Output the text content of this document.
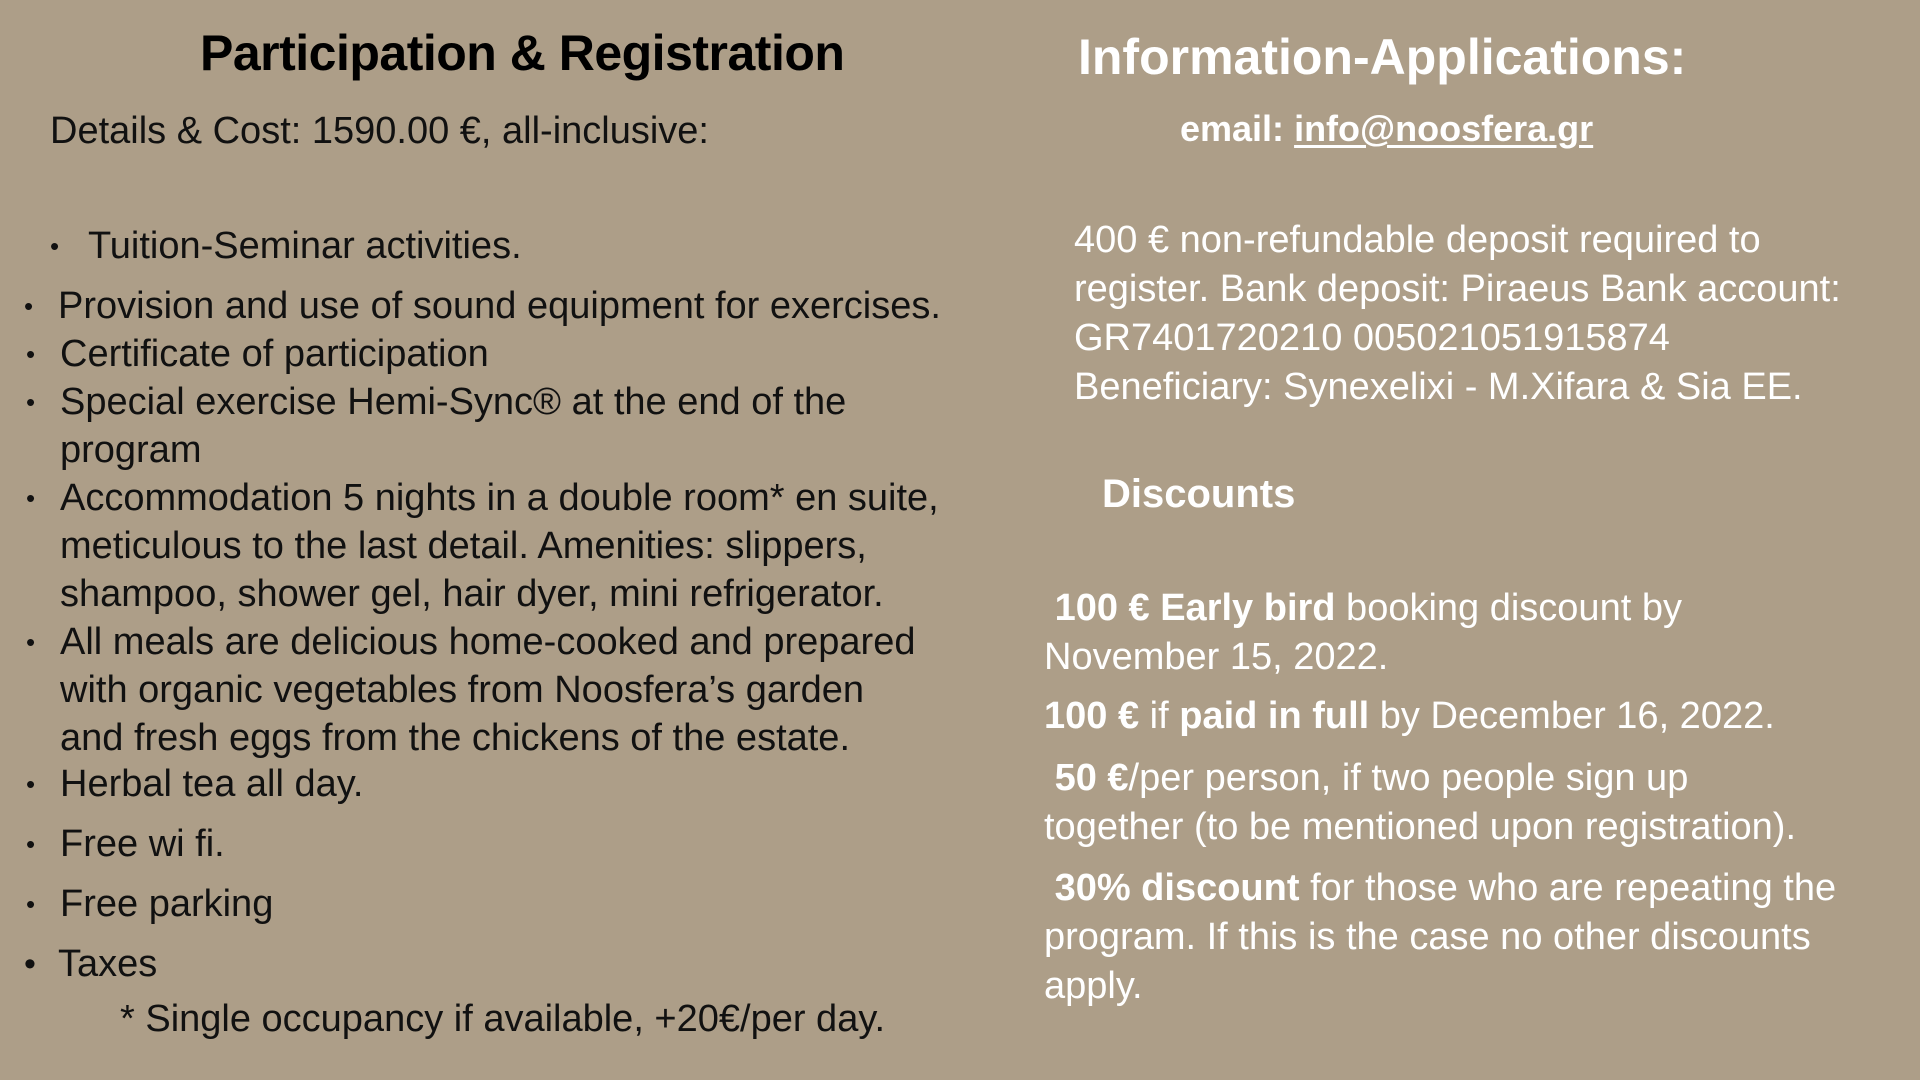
Participation & Registration
Details & Cost: 1590.00 €, all-inclusive:
• Tuition-Seminar activities.
• Provision and use of sound equipment for exercises.
• Certificate of participation
• Special exercise Hemi-Sync® at the end of the
program
• Accommodation 5 nights in a double room* en suite,
meticulous to the last detail. Amenities: slippers,
shampoo, shower gel, hair dyer, mini refrigerator.
• All meals are delicious home-cooked and prepared
with organic vegetables from Noosfera’s garden
and fresh eggs from the chickens of the estate.
• Herbal tea all day.
• Free wi fi.
• Free parking
• Taxes
* Single occupancy if available, +20€/per day.
Information-Applications:
email: info@noosfera.gr
400 € non-refundable deposit required to
register. Bank deposit: Piraeus Bank account:
GR7401720210 005021051915874
Beneficiary: Synexelixi - M.Xifara & Sia EE.
Discounts
100 € Early bird booking discount by
November 15, 2022.
100 € if paid in full by December 16, 2022.
50 €/per person, if two people sign up
together (to be mentioned upon registration).
30% discount for those who are repeating the
program. If this is the case no other discounts
apply.
